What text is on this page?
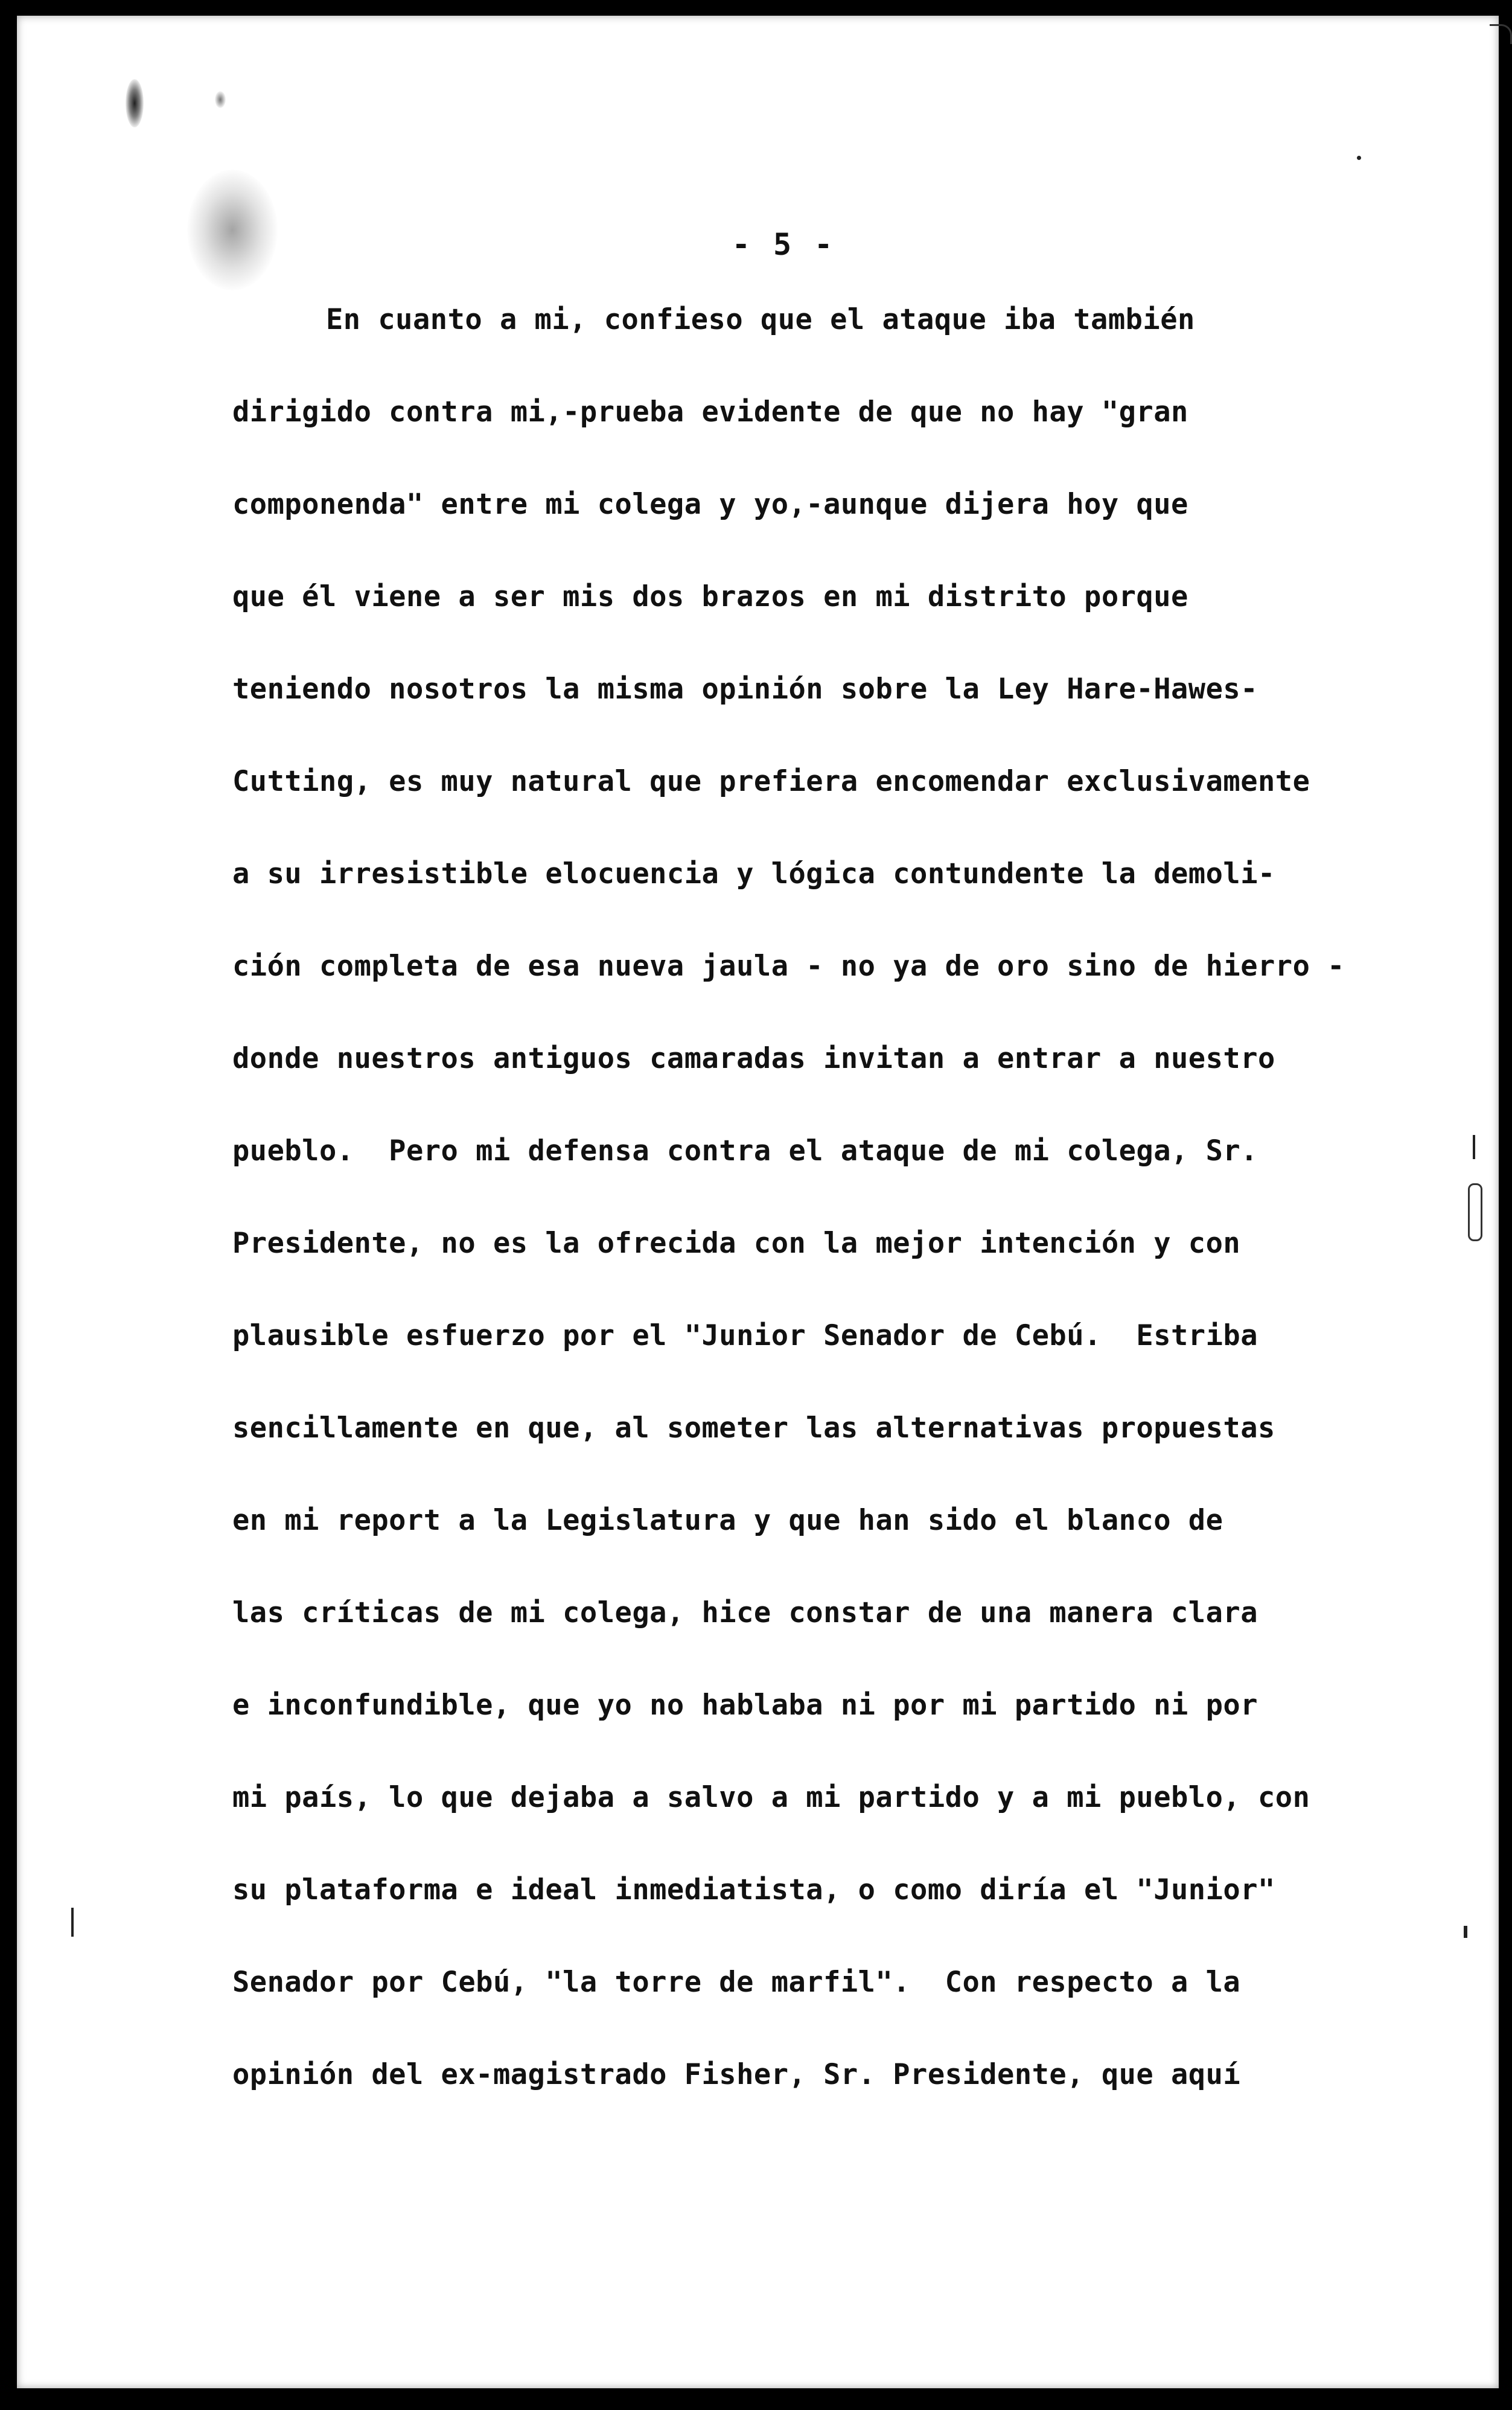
- 5 -
En cuanto a mi, confieso que el ataque iba también
dirigido contra mi,-prueba evidente de que no hay "gran
componenda" entre mi colega y yo,-aunque dijera hoy que
que él viene a ser mis dos brazos en mi distrito porque
teniendo nosotros la misma opinión sobre la Ley Hare-Hawes-
Cutting, es muy natural que prefiera encomendar exclusivamente
a su irresistible elocuencia y lógica contundente la demoli-
ción completa de esa nueva jaula - no ya de oro sino de hierro -
donde nuestros antiguos camaradas invitan a entrar a nuestro
pueblo.  Pero mi defensa contra el ataque de mi colega, Sr.
Presidente, no es la ofrecida con la mejor intención y con
plausible esfuerzo por el "Junior Senador de Cebú.  Estriba
sencillamente en que, al someter las alternativas propuestas
en mi report a la Legislatura y que han sido el blanco de
las críticas de mi colega, hice constar de una manera clara
e inconfundible, que yo no hablaba ni por mi partido ni por
mi país, lo que dejaba a salvo a mi partido y a mi pueblo, con
su plataforma e ideal inmediatista, o como diría el "Junior"
Senador por Cebú, "la torre de marfil".  Con respecto a la
opinión del ex-magistrado Fisher, Sr. Presidente, que aquí
